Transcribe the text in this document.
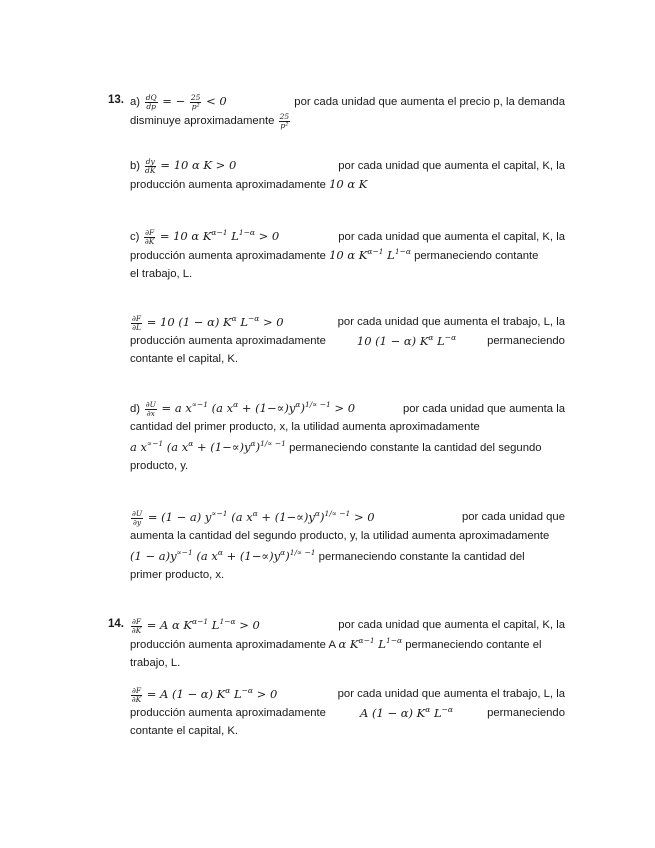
13. $a) \frac{dQ}{dp}$ = − $\frac{25}{\text{p²}} < 0$	por cada unidad que aumenta el precio p, la demanda
disminuye aproximadamente $\frac{25}{\text{p²}}$
$b) \frac{dy}{dK} = 10$ α K > 0	por cada unidad que aumenta el capital, K, la
producción aumenta aproximadamente 10 α K
$c) \frac{\partial F}{\partial K} = 10$ α $K^{\alpha-1}$ $L^{1-\alpha} > 0$	por cada unidad que aumenta el capital, K, la
producción aumenta aproximadamente 10 α $K^{\alpha-1}$ $L^{1-\alpha}$ permaneciendo contante
el trabajo, L.
$\frac{\partial F}{\partial L} = 10$ (1 − α) $K^\alpha$ $L^{-\alpha} > 0$	por cada unidad que aumenta el trabajo, L, la
producción aumenta aproximadamente	10 (1 − α) $K^\alpha$ $L^{-\alpha}$	permaneciendo
contante el capital, K.
$d) \frac{\partial U}{\partial x} = a$ $x^{\propto-1}$ (a $x^\alpha + (1-\propto)y^\alpha)^{1/\propto -1} > 0$	por cada unidad que aumenta la
cantidad del primer producto, x, la utilidad aumenta aproximadamente
a $x^{\propto-1}$ (a $x^\alpha + (1-\propto)y^\alpha)^{1/\propto -1}$ permaneciendo constante la cantidad del segundo
producto, y.
$\frac{\partial U}{\partial y} = (1 - a)$ $y^{\propto-1}$ (a $x^\alpha + (1-\propto)y^\alpha)^{1/\propto -1} > 0$	por cada unidad que
aumenta la cantidad del segundo producto, y, la utilidad aumenta aproximadamente
$(1 - a)y^{\propto-1}$ (a $x^\alpha + (1-\propto)y^\alpha)^{1/\propto -1}$ permaneciendo constante la cantidad del
primer producto, x.
14. $\frac{\partial F}{\partial K} = A$ α $K^{\alpha-1}$ $L^{1-\alpha} > 0$	por cada unidad que aumenta el capital, K, la
producción aumenta aproximadamente A α $K^{\alpha-1}$ $L^{1-\alpha}$ permaneciendo contante el
trabajo, L.
$\frac{\partial F}{\partial K} = A$ (1 − α) $K^\alpha$ $L^{-\alpha} > 0$	por cada unidad que aumenta el trabajo, L, la
producción aumenta aproximadamente	A (1 − α) $K^\alpha$ $L^{-\alpha}$	permaneciendo
contante el capital, K.
